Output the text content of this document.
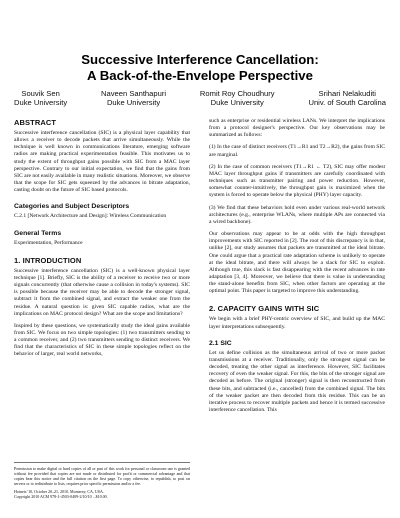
Successive Interference Cancellation:
A Back-of-the-Envelope Perspective
Souvik Sen
Duke University
Naveen Santhapuri
Duke University
Romit Roy Choudhury
Duke University
Srihari Nelakuditi
Univ. of South Carolina
ABSTRACT

Successive interference cancellation (SIC) is a physical layer capability that allows a receiver to decode packets that arrive simultaneously. While the technique is well known in communications literature, emerging software radios are making practical experimentation feasible. This motivates us to study the extent of throughput gains possible with SIC from a MAC layer perspective. Contrary to our initial expectation, we find that the gains from SIC are not easily available in many realistic situations. Moreover, we observe that the scope for SIC gets squeezed by the advances in bitrate adaptation, casting doubt on the future of SIC based protocols.

Categories and Subject Descriptors

C.2.1 [Network Architecture and Design]: Wireless Communication

General Terms

Experimentation, Performance

1. INTRODUCTION

Successive interference cancellation (SIC) is a well-known physical layer technique [1]. Briefly, SIC is the ability of a receiver to receive two or more signals concurrently (that otherwise cause a collision in today's systems). SIC is possible because the receiver may be able to decode the stronger signal, subtract it from the combined signal, and extract the weaker one from the residue. A natural question is: given SIC capable radios, what are the implications on MAC protocol design? What are the scope and limitations?

Inspired by these questions, we systematically study the ideal gains available from SIC. We focus on two simple topologies: (1) two transmitters sending to a common receiver, and (2) two transmitters sending to distinct receivers. We find that the characteristics of SIC in these simple topologies reflect on the behavior of larger, real world networks,

such as enterprise or residential wireless LANs. We interpret the implications from a protocol designer's perspective. Our key observations may be summarized as follows:

(1) In the case of distinct receivers (T1→R1 and T2→R2), the gains from SIC are marginal.

(2) In the case of common receivers (T1→R1 ← T2), SIC may offer modest MAC layer throughput gains if transmitters are carefully coordinated with techniques such as transmitter pairing and power reduction. However, somewhat counter-intuitively, the throughput gain is maximized when the system is forced to operate below the physical (PHY) layer capacity.

(3) We find that these behaviors hold even under various real-world network architectures (e.g., enterprise WLANs, where multiple APs are connected via a wired backbone).

Our observations may appear to be at odds with the high throughput improvements with SIC reported in [2]. The root of this discrepancy is in that, unlike [2], our study assumes that packets are transmitted at the ideal bitrate. One could argue that a practical rate adaptation scheme is unlikely to operate at the ideal bitrate, and there will always be a slack for SIC to exploit. Although true, this slack is fast disappearing with the recent advances in rate adaptation [3, 4]. Moreover, we believe that there is value in understanding the stand-alone benefits from SIC, when other factors are operating at the optimal point. This paper is targeted to improve this understanding.

2. CAPACITY GAINS WITH SIC

We begin with a brief PHY-centric overview of SIC, and build up the MAC layer interpretations subsequently.

2.1 SIC

Let us define collision as the simultaneous arrival of two or more packet transmissions at a receiver. Traditionally, only the strongest signal can be decoded, treating the other signal as interference. However, SIC facilitates recovery of even the weaker signal. For this, the bits of the stronger signal are decoded as before. The original (stronger) signal is then reconstructed from these bits, and subtracted (i.e., cancelled) from the combined signal. The bits of the weaker packet are then decoded from this residue. This can be an iterative process to recover multiple packets and hence it is termed successive interference cancellation. This

Permission to make digital or hard copies of all or part of this work for personal or classroom use is granted without fee provided that copies are not made or distributed for profit or commercial advantage and that copies bear this notice and the full citation on the first page. To copy otherwise, to republish, to post on servers or to redistribute to lists, requires prior specific permission and/or a fee.

Hotnets '10, October 20–21, 2010, Monterey, CA, USA.

Copyright 2010 ACM 978-1-4503-0409-2/10/10 ...$10.00.
